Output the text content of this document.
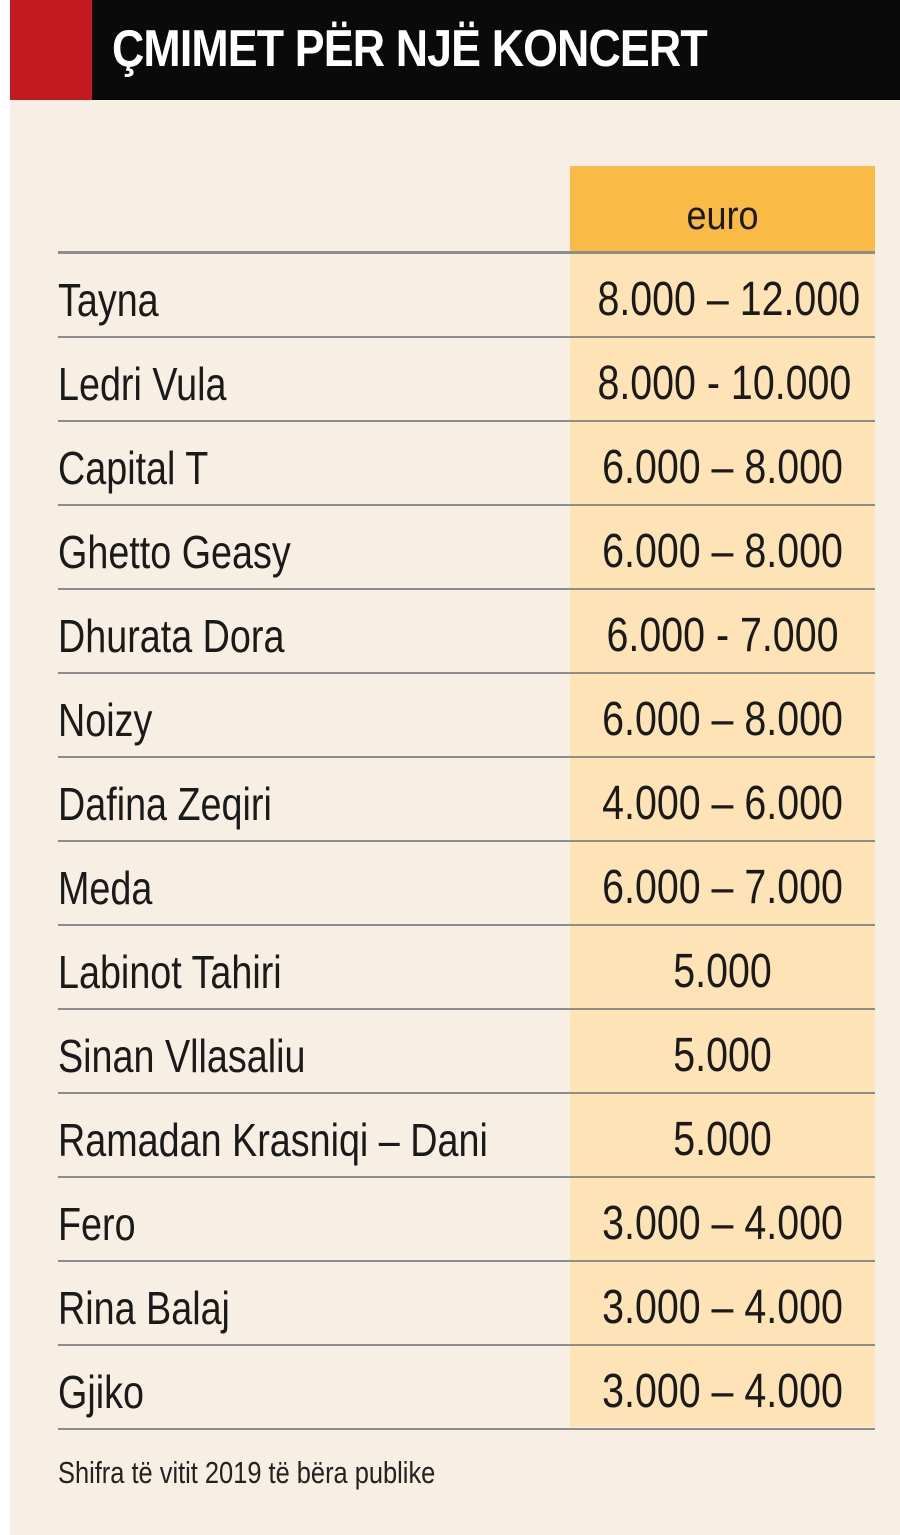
ÇMIMET PËR NJË KONCERT
euro
Tayna	8.000 – 12.000
Ledri Vula	8.000 - 10.000
Capital T	6.000 – 8.000
Ghetto Geasy	6.000 – 8.000
Dhurata Dora	6.000 - 7.000
Noizy	6.000 – 8.000
Dafina Zeqiri	4.000 – 6.000
Meda	6.000 – 7.000
Labinot Tahiri	5.000
Sinan Vllasaliu	5.000
Ramadan Krasniqi – Dani	5.000
Fero	3.000 – 4.000
Rina Balaj	3.000 – 4.000
Gjiko	3.000 – 4.000
Shifra të vitit 2019 të bëra publike
